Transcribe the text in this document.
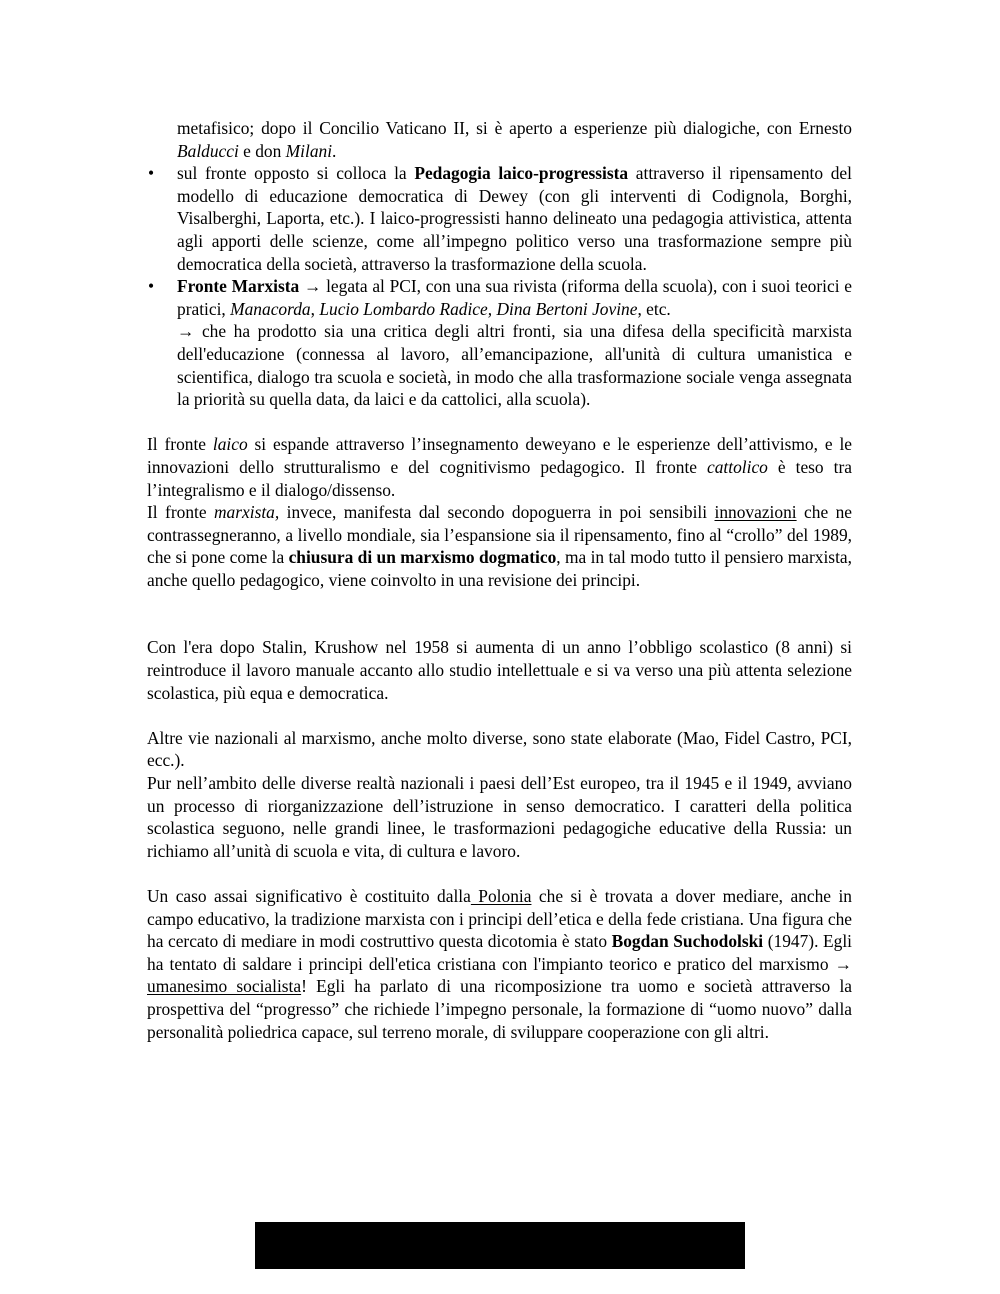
metafisico; dopo il Concilio Vaticano II, si è aperto a esperienze più dialogiche, con Ernesto Balducci e don Milani.

• sul fronte opposto si colloca la Pedagogia laico-progressista attraverso il ripensamento del modello di educazione democratica di Dewey (con gli interventi di Codignola, Borghi, Visalberghi, Laporta, etc.). I laico-progressisti hanno delineato una pedagogia attivistica, attenta agli apporti delle scienze, come all’impegno politico verso una trasformazione sempre più democratica della società, attraverso la trasformazione della scuola.

• Fronte Marxista → legata al PCI, con una sua rivista (riforma della scuola), con i suoi teorici e pratici, Manacorda, Lucio Lombardo Radice, Dina Bertoni Jovine, etc.
→ che ha prodotto sia una critica degli altri fronti, sia una difesa della specificità marxista dell'educazione (connessa al lavoro, all’emancipazione, all'unità di cultura umanistica e scientifica, dialogo tra scuola e società, in modo che alla trasformazione sociale venga assegnata la priorità su quella data, da laici e da cattolici, alla scuola).

Il fronte laico si espande attraverso l’insegnamento deweyano e le esperienze dell’attivismo, e le innovazioni dello strutturalismo e del cognitivismo pedagogico. Il fronte cattolico è teso tra l’integralismo e il dialogo/dissenso.

Il fronte marxista, invece, manifesta dal secondo dopoguerra in poi sensibili innovazioni che ne contrassegneranno, a livello mondiale, sia l’espansione sia il ripensamento, fino al “crollo” del 1989, che si pone come la chiusura di un marxismo dogmatico, ma in tal modo tutto il pensiero marxista, anche quello pedagogico, viene coinvolto in una revisione dei principi.

Con l'era dopo Stalin, Krushow nel 1958 si aumenta di un anno l’obbligo scolastico (8 anni) si reintroduce il lavoro manuale accanto allo studio intellettuale e si va verso una più attenta selezione scolastica, più equa e democratica.

Altre vie nazionali al marxismo, anche molto diverse, sono state elaborate (Mao, Fidel Castro, PCI, ecc.).

Pur nell’ambito delle diverse realtà nazionali i paesi dell’Est europeo, tra il 1945 e il 1949, avviano un processo di riorganizzazione dell’istruzione in senso democratico. I caratteri della politica scolastica seguono, nelle grandi linee, le trasformazioni pedagogiche educative della Russia: un richiamo all’unità di scuola e vita, di cultura e lavoro.

Un caso assai significativo è costituito dalla Polonia che si è trovata a dover mediare, anche in campo educativo, la tradizione marxista con i principi dell’etica e della fede cristiana. Una figura che ha cercato di mediare in modi costruttivo questa dicotomia è stato Bogdan Suchodolski (1947). Egli ha tentato di saldare i principi dell'etica cristiana con l'impianto teorico e pratico del marxismo → umanesimo socialista! Egli ha parlato di una ricomposizione tra uomo e società attraverso la prospettiva del “progresso” che richiede l’impegno personale, la formazione di “uomo nuovo” dalla personalità poliedrica capace, sul terreno morale, di sviluppare cooperazione con gli altri.
